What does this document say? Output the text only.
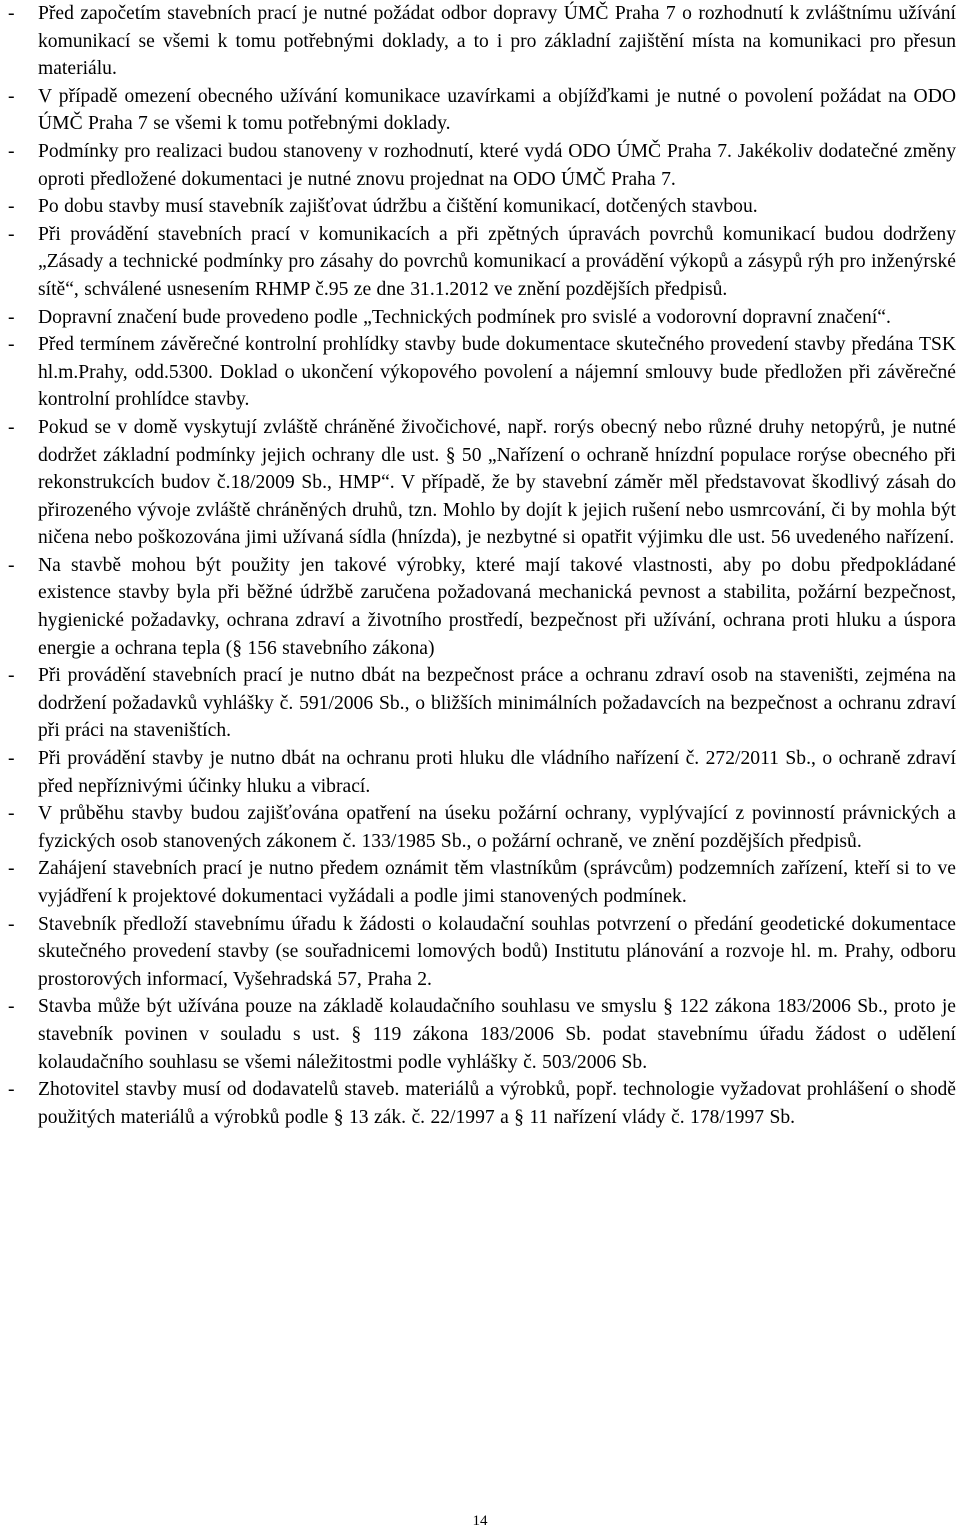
-	Před započetím stavebních prací je nutné požádat odbor dopravy ÚMČ Praha 7 o rozhodnutí k zvláštnímu užívání komunikací se všemi k tomu potřebnými doklady, a to i pro základní zajištění místa na komunikaci pro přesun materiálu.
-	V případě omezení obecného užívání komunikace uzavírkami a objížďkami je nutné o povolení požádat na ODO ÚMČ Praha 7 se všemi k tomu potřebnými doklady.
-	Podmínky pro realizaci budou stanoveny v rozhodnutí, které vydá ODO ÚMČ Praha 7. Jakékoliv dodatečné změny oproti předložené dokumentaci je nutné znovu projednat na ODO ÚMČ Praha 7.
-	Po dobu stavby musí stavebník zajišťovat údržbu a čištění komunikací, dotčených stavbou.
-	Při provádění stavebních prací v komunikacích a při zpětných úpravách povrchů komunikací budou dodrženy „Zásady a technické podmínky pro zásahy do povrchů komunikací a provádění výkopů a zásypů rýh pro inženýrské sítě“, schválené usnesením RHMP č.95 ze dne 31.1.2012 ve znění pozdějších předpisů.
-	Dopravní značení bude provedeno podle „Technických podmínek pro svislé a vodorovní dopravní značení“.
-	Před termínem závěrečné kontrolní prohlídky stavby bude dokumentace skutečného provedení stavby předána TSK hl.m.Prahy, odd.5300. Doklad o ukončení výkopového povolení a nájemní smlouvy bude předložen při závěrečné kontrolní prohlídce stavby.
-	Pokud se v domě vyskytují zvláště chráněné živočichové, např. rorýs obecný nebo různé druhy netopýrů, je nutné dodržet základní podmínky jejich ochrany dle ust. § 50 „Nařízení o ochraně hnízdní populace rorýse obecného při rekonstrukcích budov č.18/2009 Sb., HMP“. V případě, že by stavební záměr měl představovat škodlivý zásah do přirozeného vývoje zvláště chráněných druhů, tzn. Mohlo by dojít k jejich rušení nebo usmrcování, či by mohla být ničena nebo poškozována jimi užívaná sídla (hnízda), je nezbytné si opatřit výjimku dle ust. 56 uvedeného nařízení.
-	Na stavbě mohou být použity jen takové výrobky, které mají takové vlastnosti, aby po dobu předpokládané existence stavby byla při běžné údržbě zaručena požadovaná mechanická pevnost a stabilita, požární bezpečnost, hygienické požadavky, ochrana zdraví a životního prostředí, bezpečnost při užívání, ochrana proti hluku a úspora energie a ochrana tepla (§ 156 stavebního zákona)
-	Při provádění stavebních prací je nutno dbát na bezpečnost práce a ochranu zdraví osob na staveništi, zejména na dodržení požadavků vyhlášky č. 591/2006 Sb., o bližších minimálních požadavcích na bezpečnost a ochranu zdraví při práci na staveništích.
-	Při provádění stavby je nutno dbát na ochranu proti hluku dle vládního nařízení č. 272/2011 Sb., o ochraně zdraví před nepříznivými účinky hluku a vibrací.
-	V průběhu stavby budou zajišťována opatření na úseku požární ochrany, vyplývající z povinností právnických a fyzických osob stanovených zákonem č. 133/1985 Sb., o požární ochraně, ve znění pozdějších předpisů.
-	Zahájení stavebních prací je nutno předem oznámit těm vlastníkům (správcům) podzemních zařízení, kteří si to ve vyjádření k projektové dokumentaci vyžádali a podle jimi stanovených podmínek.
-	Stavebník předloží stavebnímu úřadu k žádosti o kolaudační souhlas potvrzení o předání geodetické dokumentace skutečného provedení stavby (se souřadnicemi lomových bodů) Institutu plánování a rozvoje hl. m. Prahy, odboru prostorových informací, Vyšehradská 57, Praha 2.
-	Stavba může být užívána pouze na základě kolaudačního souhlasu ve smyslu § 122 zákona 183/2006 Sb., proto je stavebník povinen v souladu s ust. § 119 zákona 183/2006 Sb. podat stavebnímu úřadu žádost o udělení kolaudačního souhlasu se všemi náležitostmi podle vyhlášky č. 503/2006 Sb.
-	Zhotovitel stavby musí od dodavatelů staveb. materiálů a výrobků, popř. technologie vyžadovat prohlášení o shodě použitých materiálů a výrobků podle § 13 zák. č. 22/1997 a § 11 nařízení vlády č. 178/1997 Sb.
14
